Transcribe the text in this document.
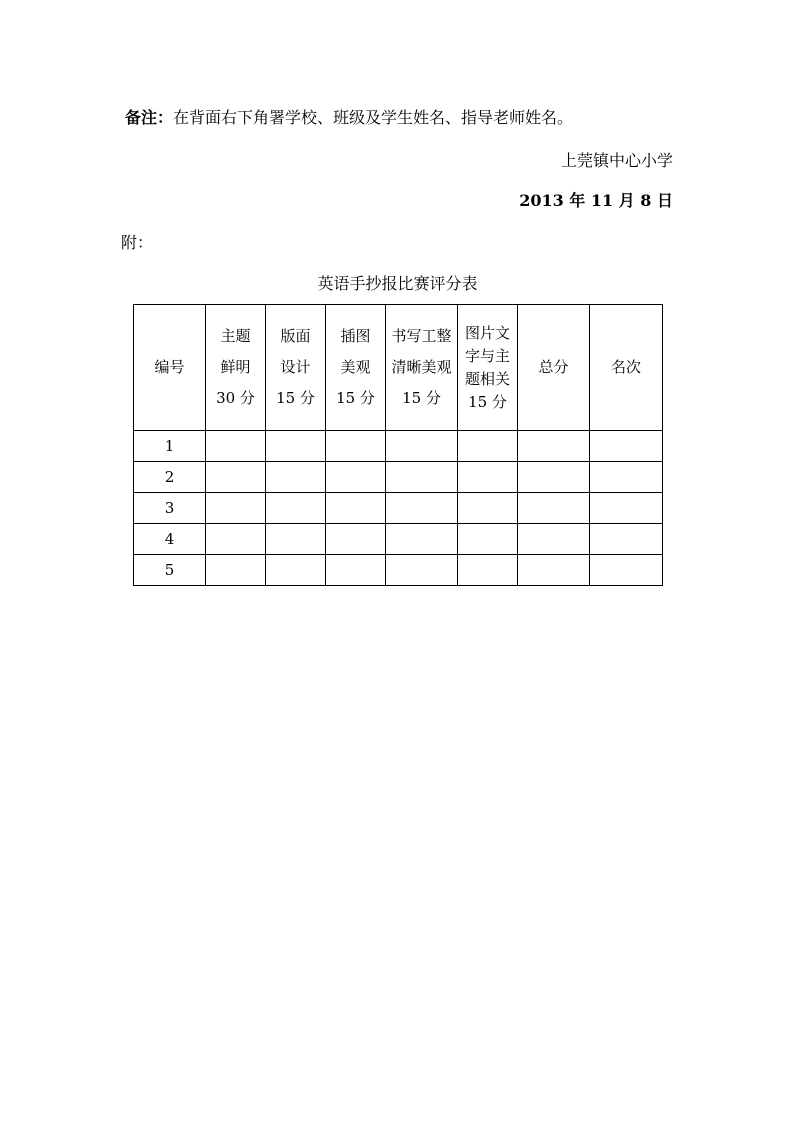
备注：在背面右下角署学校、班级及学生姓名、指导老师姓名。
上莞镇中心小学
2013 年 11 月 8 日
附：
英语手抄报比赛评分表
编号	主题
鲜明
30 分	版面
设计
15 分	插图
美观
15 分	书写工整
清晰美观
15 分	图片文
字与主
题相关
15 分	总分	名次

1							
2							
3							
4							
5							
